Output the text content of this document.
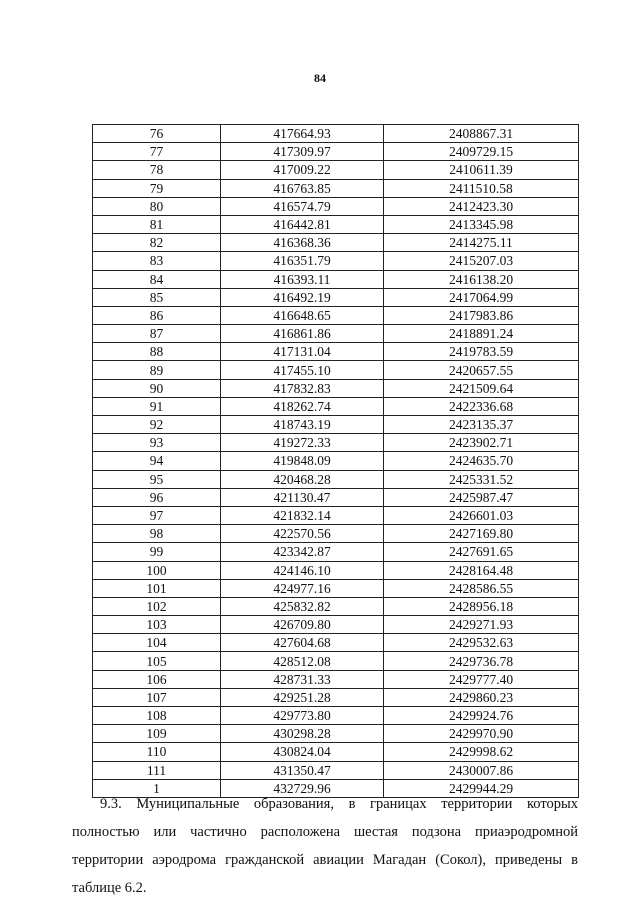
84
76	417664.93	2408867.31
77	417309.97	2409729.15
78	417009.22	2410611.39
79	416763.85	2411510.58
80	416574.79	2412423.30
81	416442.81	2413345.98
82	416368.36	2414275.11
83	416351.79	2415207.03
84	416393.11	2416138.20
85	416492.19	2417064.99
86	416648.65	2417983.86
87	416861.86	2418891.24
88	417131.04	2419783.59
89	417455.10	2420657.55
90	417832.83	2421509.64
91	418262.74	2422336.68
92	418743.19	2423135.37
93	419272.33	2423902.71
94	419848.09	2424635.70
95	420468.28	2425331.52
96	421130.47	2425987.47
97	421832.14	2426601.03
98	422570.56	2427169.80
99	423342.87	2427691.65
100	424146.10	2428164.48
101	424977.16	2428586.55
102	425832.82	2428956.18
103	426709.80	2429271.93
104	427604.68	2429532.63
105	428512.08	2429736.78
106	428731.33	2429777.40
107	429251.28	2429860.23
108	429773.80	2429924.76
109	430298.28	2429970.90
110	430824.04	2429998.62
111	431350.47	2430007.86
1	432729.96	2429944.29

9.3. Муниципальные образования, в границах территории которых полностью или частично расположена шестая подзона приаэродромной территории аэродрома гражданской авиации Магадан (Сокол), приведены в таблице 6.2.
